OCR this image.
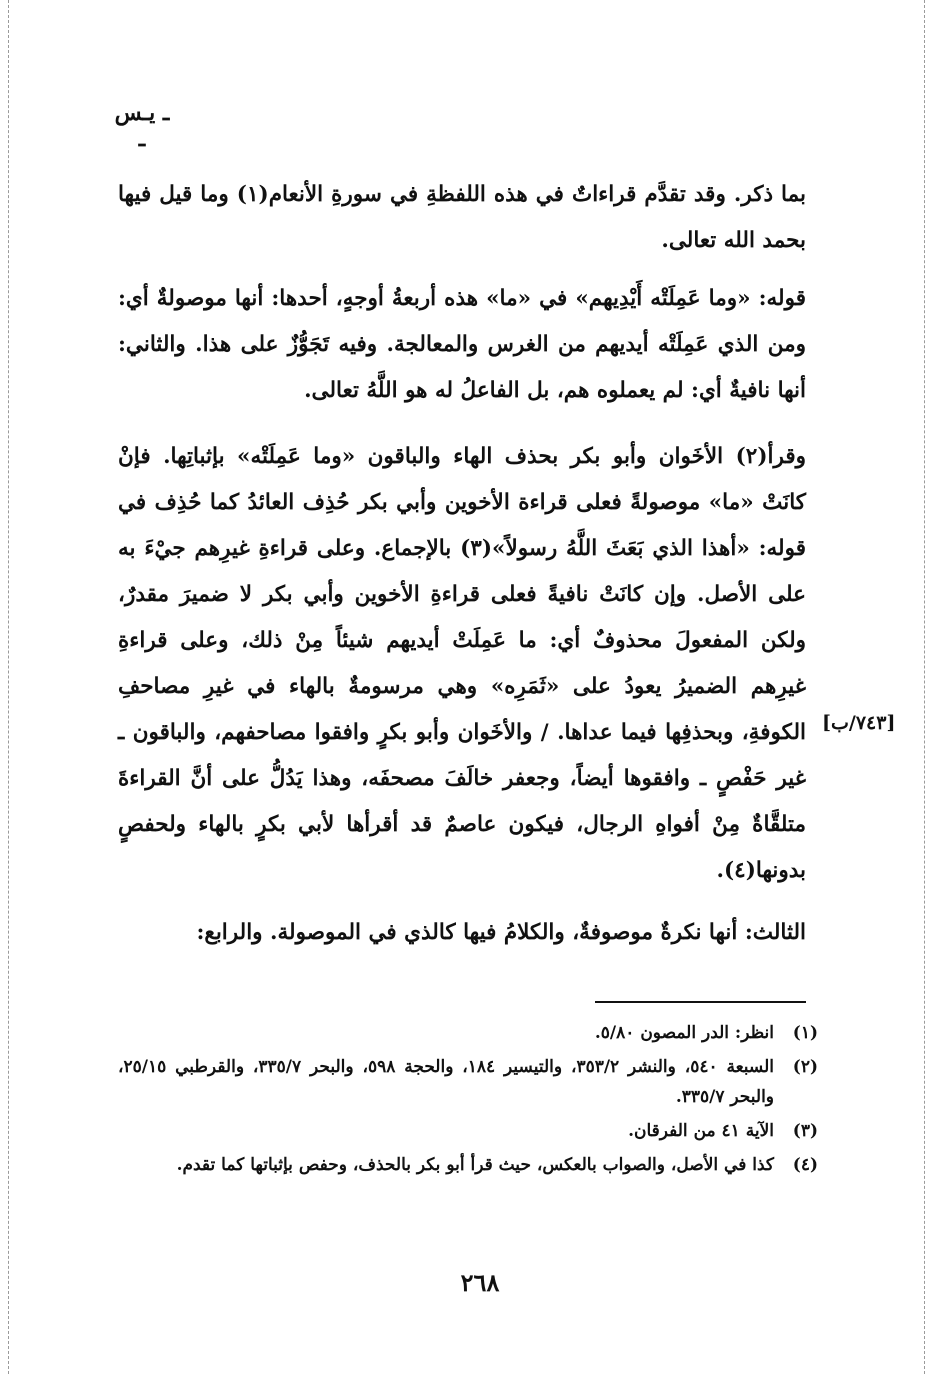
ـ يـس ـ
بما ذكر. وقد تقدَّم قراءاتٌ في هذه اللفظةِ في سورةِ الأنعام(١) وما قيل فيها بحمد الله تعالى.
قوله: «وما عَمِلَتْه أَيْدِيهم» في «ما» هذه أربعةُ أوجهٍ، أحدها: أنها موصولةٌ أي: ومن الذي عَمِلَتْه أيديهم من الغرس والمعالجة. وفيه تَجَوُّزٌ على هذا. والثاني: أنها نافيةٌ أي: لم يعملوه هم، بل الفاعلُ له هو اللَّهُ تعالى.
وقرأ(٢) الأخَوان وأبو بكر بحذف الهاء والباقون «وما عَمِلَتْه» بإثباتِها. فإنْ كانَتْ «ما» موصولةً فعلى قراءة الأخوين وأبي بكر حُذِف العائدُ كما حُذِف في قوله: «أهذا الذي بَعَثَ اللَّهُ رسولاً»(٣) بالإجماع. وعلى قراءةِ غيرِهم جيْءَ به على الأصل. وإن كانَتْ نافيةً فعلى قراءةِ الأخوين وأبي بكر لا ضميرَ مقدرٌ، ولكن المفعولَ محذوفٌ أي: ما عَمِلَتْ أيديهم شيئاً مِنْ ذلك، وعلى قراءةِ غيرِهم الضميرُ يعودُ على «ثَمَرِه» وهي مرسومةٌ بالهاء في غيرِ مصاحفِ الكوفةِ، وبحذفِها فيما عداها. / والأخَوان وأبو بكرٍ وافقوا مصاحفهم، والباقون ـ غير حَفْصٍ ـ وافقوها أيضاً، وجعفر خالَفَ مصحفَه، وهذا يَدُلُّ على أنَّ القراءةَ متلقَّاةٌ مِنْ أفواهِ الرجال، فيكون عاصمٌ قد أقرأها لأبي بكرٍ بالهاء ولحفصٍ بدونها(٤).
الثالث: أنها نكرةٌ موصوفةٌ، والكلامُ فيها كالذي في الموصولة. والرابع:
[٧٤٣/ب]
(١)
انظر: الدر المصون ٥/٨٠.
(٢)
السبعة ٥٤٠، والنشر ٣٥٣/٢، والتيسير ١٨٤، والحجة ٥٩٨، والبحر ٣٣٥/٧، والقرطبي ٢٥/١٥، والبحر ٣٣٥/٧.
(٣)
الآية ٤١ من الفرقان.
(٤)
كذا في الأصل، والصواب بالعكس، حيث قرأ أبو بكر بالحذف، وحفص بإثباتها كما تقدم.
٢٦٨
